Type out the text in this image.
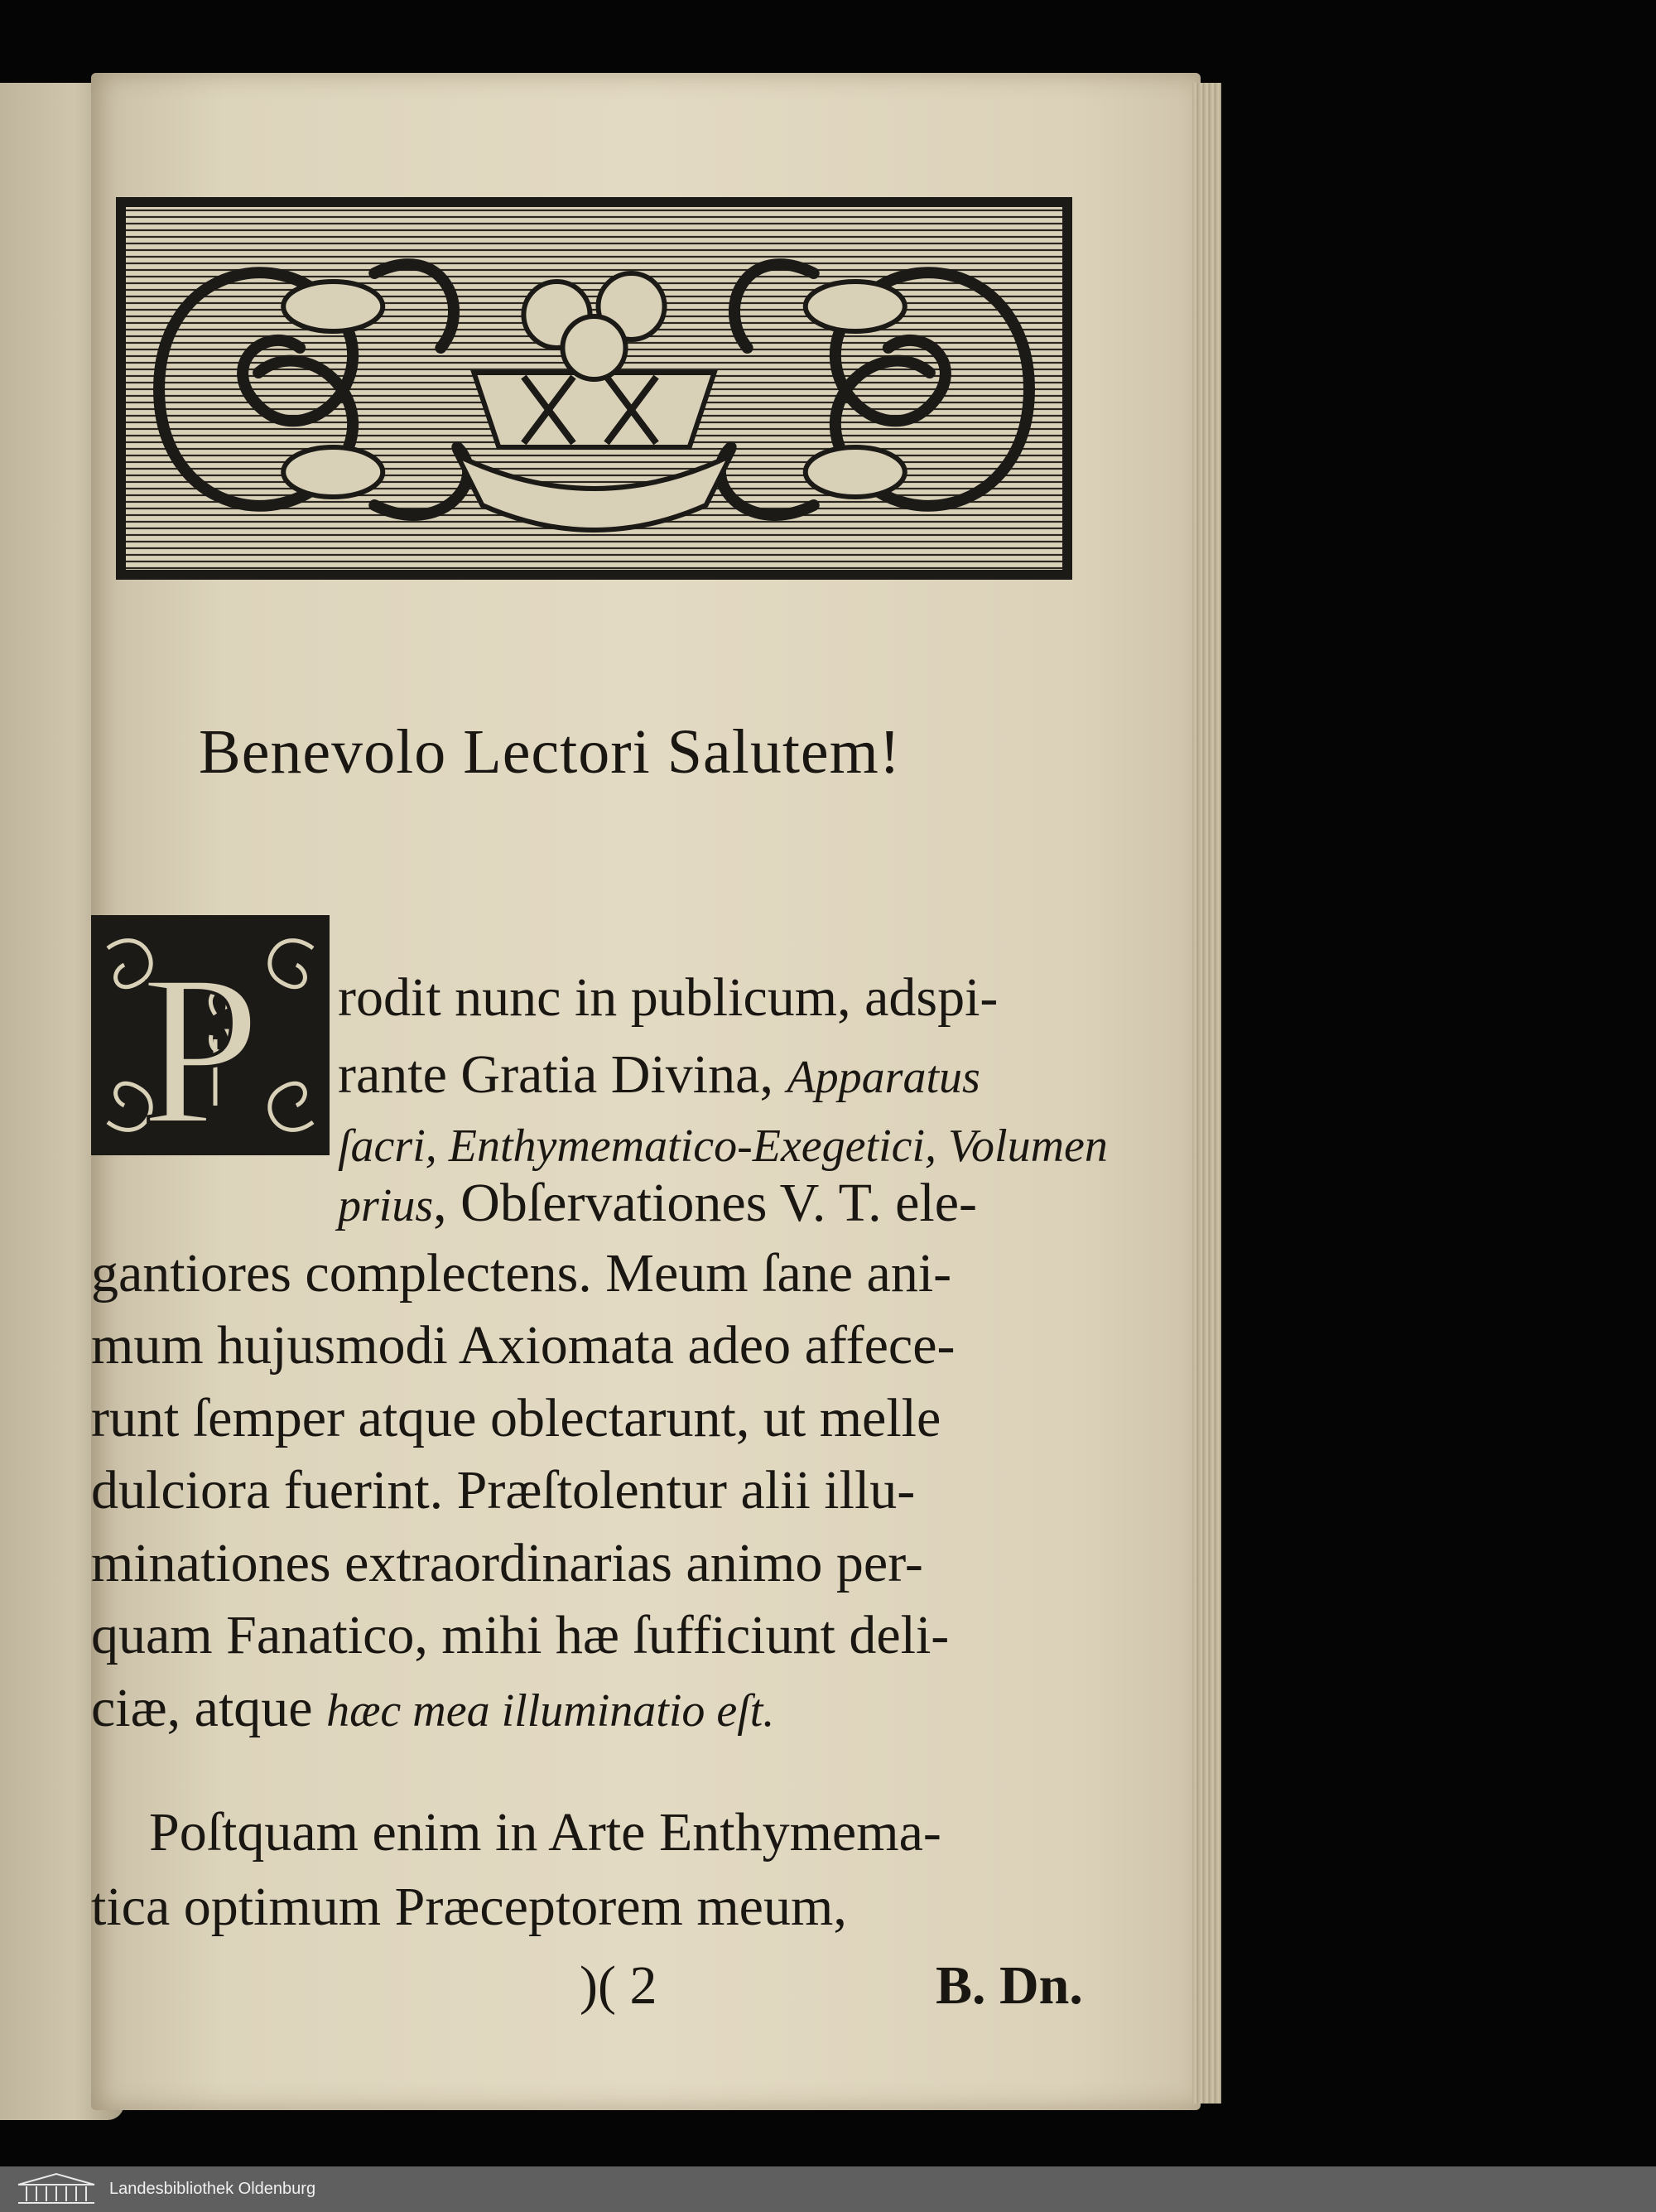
Benevolo Lectori Salutem!
P rodit nunc in publicum, adspi-
rante Gratia Divina, Apparatus
ſacri, Enthymematico-Exegetici, Volumen
prius, Obſervationes V. T. ele-
gantiores complectens. Meum ſane ani-
mum hujusmodi Axiomata adeo affece-
runt ſemper atque oblectarunt, ut melle
dulciora fuerint. Præſtolentur alii illu-
minationes extraordinarias animo per-
quam Fanatico, mihi hæ ſufficiunt deli-
ciæ, atque hæc mea illuminatio eſt.
Poſtquam enim in Arte Enthymema-
tica optimum Præceptorem meum,
)( 2	B. Dn.
Landesbibliothek Oldenburg
